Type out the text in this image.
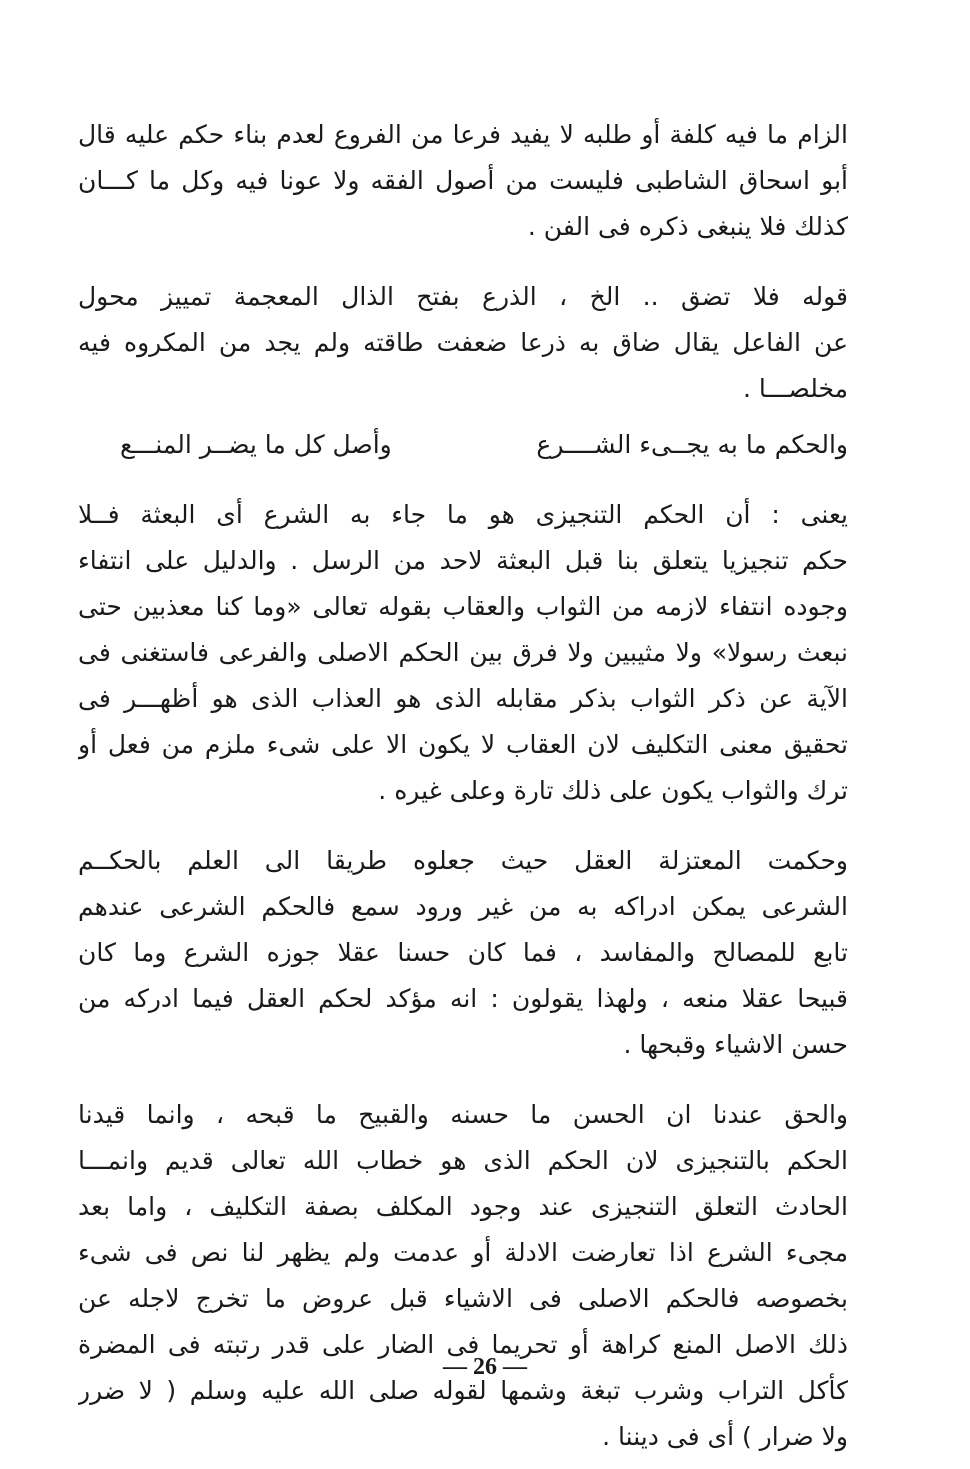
الزام ما فيه كلفة أو طلبه لا يفيد فرعا من الفروع لعدم بناء حكم عليه قال
أبو اسحاق الشاطبى فليست من أصول الفقه ولا عونا فيه وكل ما كـــان
كذلك فلا ينبغى ذكره فى الفن .
قوله فلا تضق .. الخ ، الذرع بفتح الذال المعجمة تمييز محول
عن الفاعل يقال ضاق به ذرعا ضعفت طاقته ولم يجد من المكروه فيه
مخلصـــا .
والحكم ما به يجــىء الشــــرع
وأصل كل ما يضــر المنـــع
يعنى : أن الحكم التنجيزى هو ما جاء به الشرع أى البعثة فــلا
حكم تنجيزيا يتعلق بنا قبل البعثة لاحد من الرسل . والدليل على انتفاء
وجوده انتفاء لازمه من الثواب والعقاب بقوله تعالى «وما كنا معذبين حتى
نبعث رسولا» ولا مثيبين ولا فرق بين الحكم الاصلى والفرعى فاستغنى فى
الآية عن ذكر الثواب بذكر مقابله الذى هو العذاب الذى هو أظهـــر فى
تحقيق معنى التكليف لان العقاب لا يكون الا على شىء ملزم من فعل أو
ترك والثواب يكون على ذلك تارة وعلى غيره .
وحكمت المعتزلة العقل حيث جعلوه طريقا الى العلم بالحكــم
الشرعى يمكن ادراكه به من غير ورود سمع فالحكم الشرعى عندهم
تابع للمصالح والمفاسد ، فما كان حسنا عقلا جوزه الشرع وما كان
قبيحا عقلا منعه ، ولهذا يقولون : انه مؤكد لحكم العقل فيما ادركه من
حسن الاشياء وقبحها .
والحق عندنا ان الحسن ما حسنه والقبيح ما قبحه ، وانما قيدنا
الحكم بالتنجيزى لان الحكم الذى هو خطاب الله تعالى قديم وانمـــا
الحادث التعلق التنجيزى عند وجود المكلف بصفة التكليف ، واما بعد
مجىء الشرع اذا تعارضت الادلة أو عدمت ولم يظهر لنا نص فى شىء
بخصوصه فالحكم الاصلى فى الاشياء قبل عروض ما تخرج لاجله عن
ذلك الاصل المنع كراهة أو تحريما فى الضار على قدر رتبته فى المضرة
كأكل التراب وشرب تبغة وشمها لقوله صلى الله عليه وسلم ( لا ضرر
ولا ضرار ) أى فى ديننا .
— 26 —
